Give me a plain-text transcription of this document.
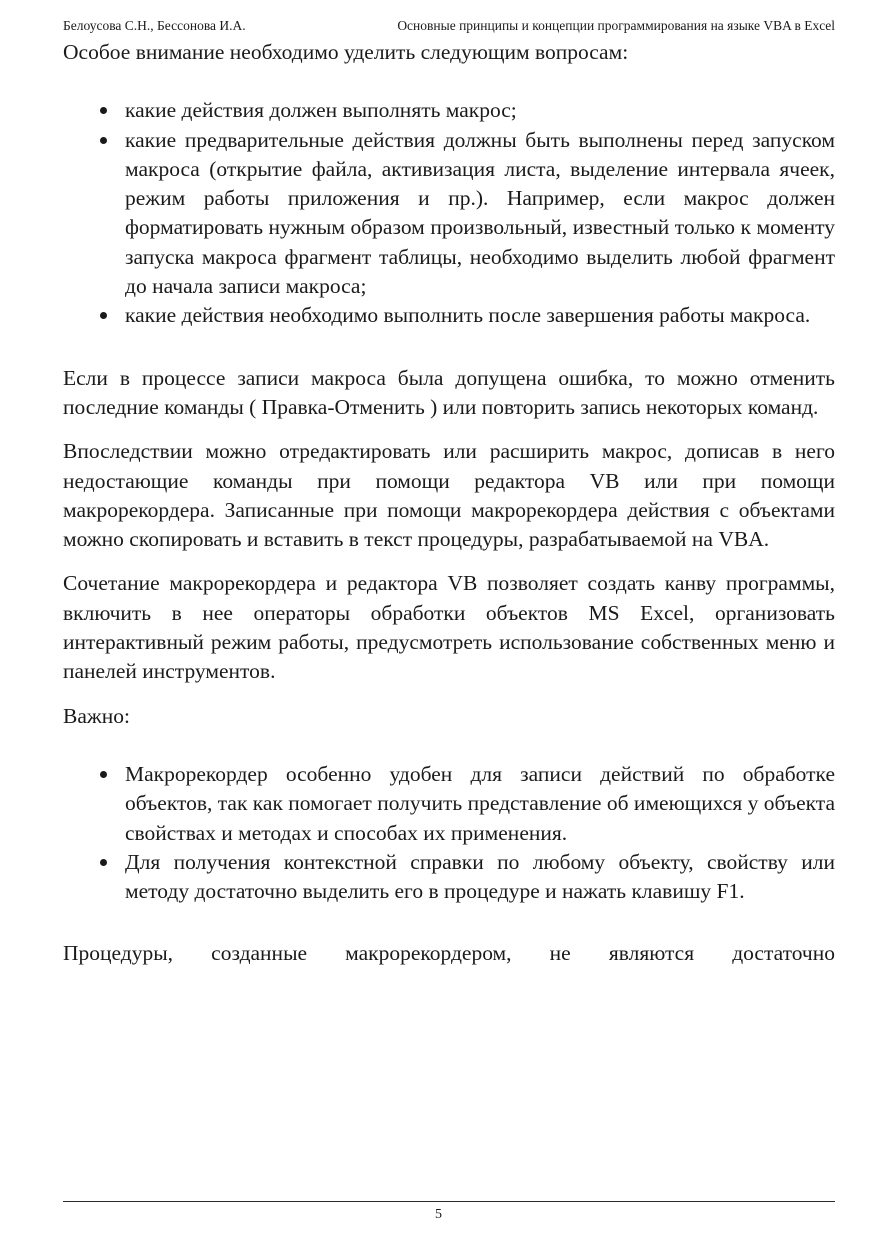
Белоусова С.Н., Бессонова И.А.	Основные принципы и концепции программирования на языке VBA в Excel

Особое внимание необходимо уделить следующим вопросам:

какие действия должен выполнять макрос;
какие предварительные действия должны быть выполнены перед запуском макроса (открытие файла, активизация листа, выделение интервала ячеек, режим работы приложения и пр.). Например, если макрос должен форматировать нужным образом произвольный, известный только к моменту запуска макроса фрагмент таблицы, необходимо выделить любой фрагмент до начала записи макроса;
какие действия необходимо выполнить после завершения работы макроса.

Если в процессе записи макроса была допущена ошибка, то можно отменить последние команды ( Правка-Отменить ) или повторить запись некоторых команд.

Впоследствии можно отредактировать или расширить макрос, дописав в него недостающие команды при помощи редактора VB или при помощи макрорекордера. Записанные при помощи макрорекордера действия с объектами можно скопировать и вставить в текст процедуры, разрабатываемой на VBA.

Сочетание макрорекордера и редактора VB позволяет создать канву программы, включить в нее операторы обработки объектов MS Excel, организовать интерактивный режим работы, предусмотреть использование собственных меню и панелей инструментов.

Важно:

Макрорекордер особенно удобен для записи действий по обработке объектов, так как помогает получить представление об имеющихся у объекта свойствах и методах и способах их применения.
Для получения контекстной справки по любому объекту, свойству или методу достаточно выделить его в процедуре и нажать клавишу F1.

Процедуры, созданные макрорекордером, не являются достаточно

5
